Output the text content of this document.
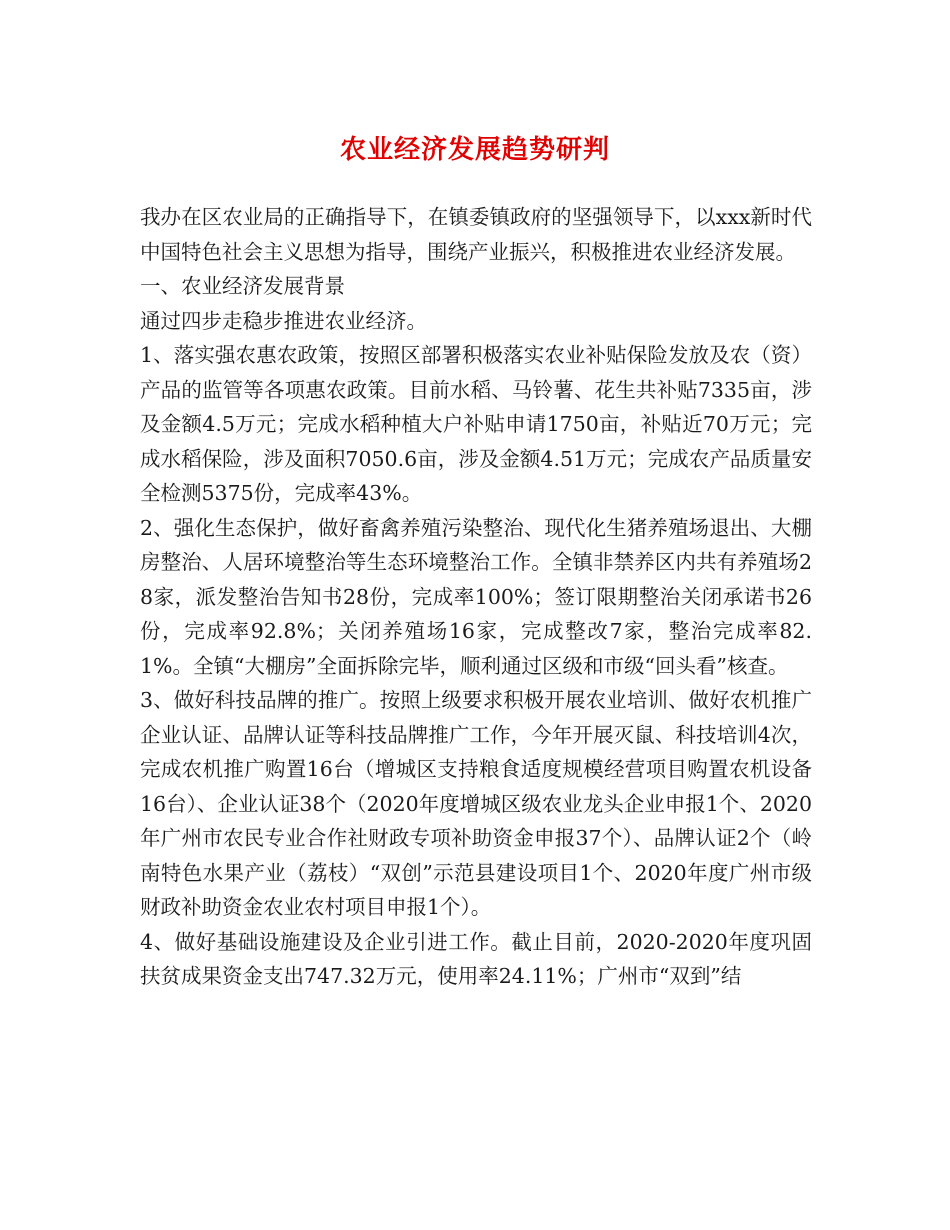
农业经济发展趋势研判

我办在区农业局的正确指导下，在镇委镇政府的坚强领导下，以xxx新时代中国特色社会主义思想为指导，围绕产业振兴，积极推进农业经济发展。

一、农业经济发展背景

通过四步走稳步推进农业经济。

1、落实强农惠农政策，按照区部署积极落实农业补贴保险发放及农（资）产品的监管等各项惠农政策。目前水稻、马铃薯、花生共补贴7335亩，涉及金额4.5万元；完成水稻种植大户补贴申请1750亩，补贴近70万元；完成水稻保险，涉及面积7050.6亩，涉及金额4.51万元；完成农产品质量安全检测5375份，完成率43%。

2、强化生态保护，做好畜禽养殖污染整治、现代化生猪养殖场退出、大棚房整治、人居环境整治等生态环境整治工作。全镇非禁养区内共有养殖场28家，派发整治告知书28份，完成率100%；签订限期整治关闭承诺书26份，完成率92.8%；关闭养殖场16家，完成整改7家，整治完成率82.1%。全镇“大棚房”全面拆除完毕，顺利通过区级和市级“回头看”核查。

3、做好科技品牌的推广。按照上级要求积极开展农业培训、做好农机推广企业认证、品牌认证等科技品牌推广工作，今年开展灭鼠、科技培训4次，完成农机推广购置16台（增城区支持粮食适度规模经营项目购置农机设备16台）、企业认证38个（2020年度增城区级农业龙头企业申报1个、2020年广州市农民专业合作社财政专项补助资金申报37个）、品牌认证2个（岭南特色水果产业（荔枝）“双创”示范县建设项目1个、2020年度广州市级财政补助资金农业农村项目申报1个）。

4、做好基础设施建设及企业引进工作。截止目前，2020-2020年度巩固扶贫成果资金支出747.32万元，使用率24.11%；广州市“双到”结
